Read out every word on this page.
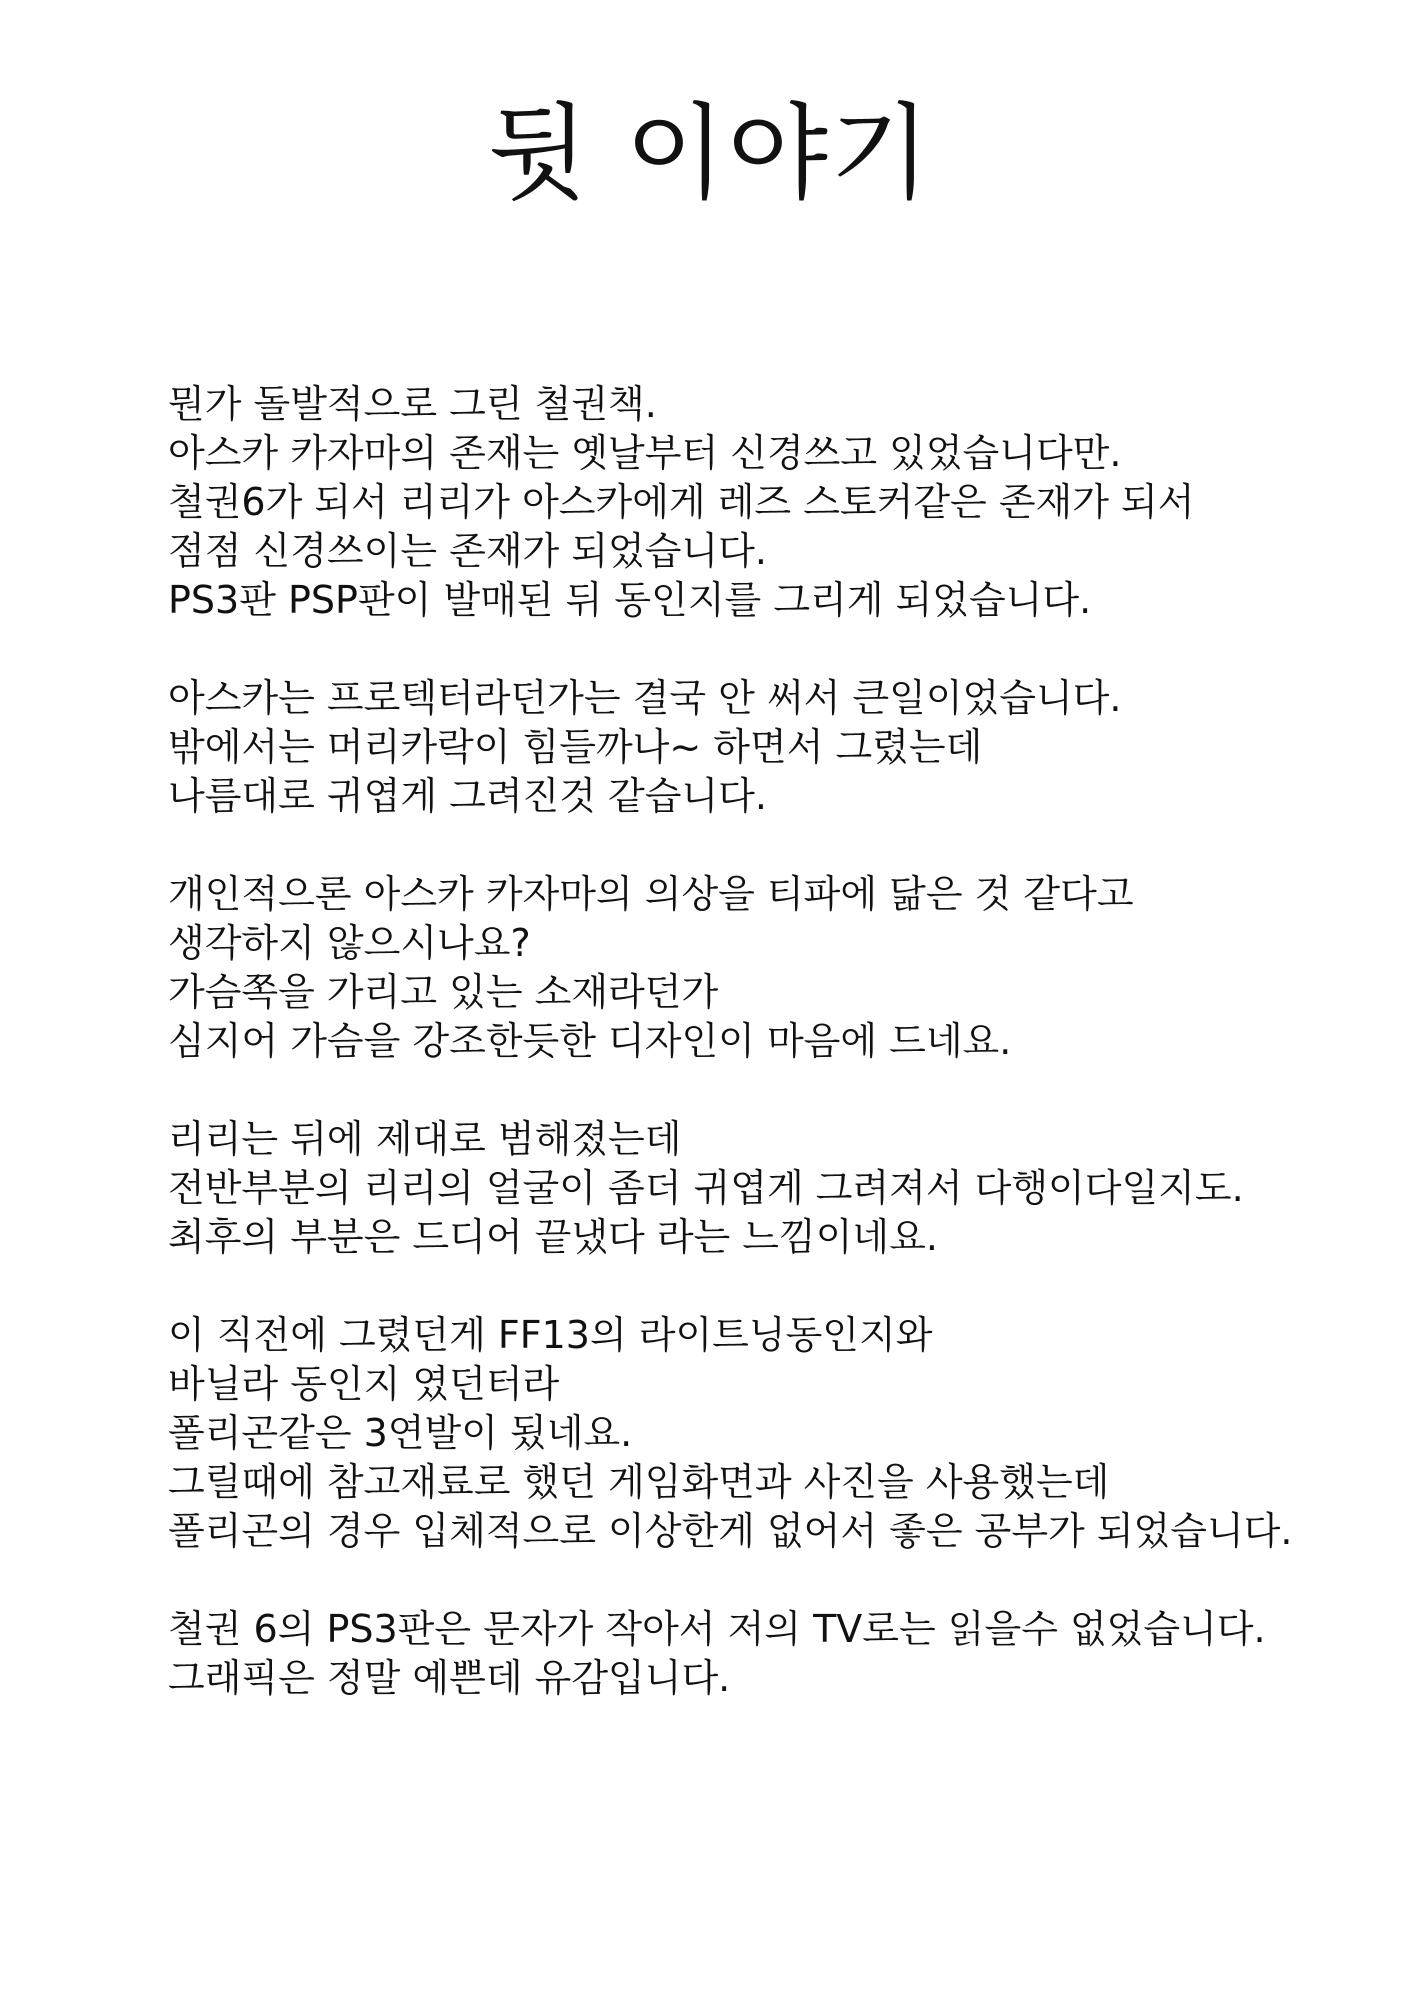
뒷 이야기

뭔가 돌발적으로 그린 철권책.
아스카 카자마의 존재는 옛날부터 신경쓰고 있었습니다만.
철권6가 되서 리리가 아스카에게 레즈 스토커같은 존재가 되서
점점 신경쓰이는 존재가 되었습니다.
PS3판 PSP판이 발매된 뒤 동인지를 그리게 되었습니다.

아스카는 프로텍터라던가는 결국 안 써서 큰일이었습니다.
밖에서는 머리카락이 힘들까나~ 하면서 그렸는데
나름대로 귀엽게 그려진것 같습니다.

개인적으론 아스카 카자마의 의상을 티파에 닮은 것 같다고
생각하지 않으시나요?
가슴쪽을 가리고 있는 소재라던가
심지어 가슴을 강조한듯한 디자인이 마음에 드네요.

리리는 뒤에 제대로 범해졌는데
전반부분의 리리의 얼굴이 좀더 귀엽게 그려져서 다행이다일지도.
최후의 부분은 드디어 끝냈다 라는 느낌이네요.

이 직전에 그렸던게 FF13의 라이트닝동인지와
바닐라 동인지 였던터라
폴리곤같은 3연발이 됬네요.
그릴때에 참고재료로 했던 게임화면과 사진을 사용했는데
폴리곤의 경우 입체적으로 이상한게 없어서 좋은 공부가 되었습니다.

철권 6의 PS3판은 문자가 작아서 저의 TV로는 읽을수 없었습니다.
그래픽은 정말 예쁜데 유감입니다.
